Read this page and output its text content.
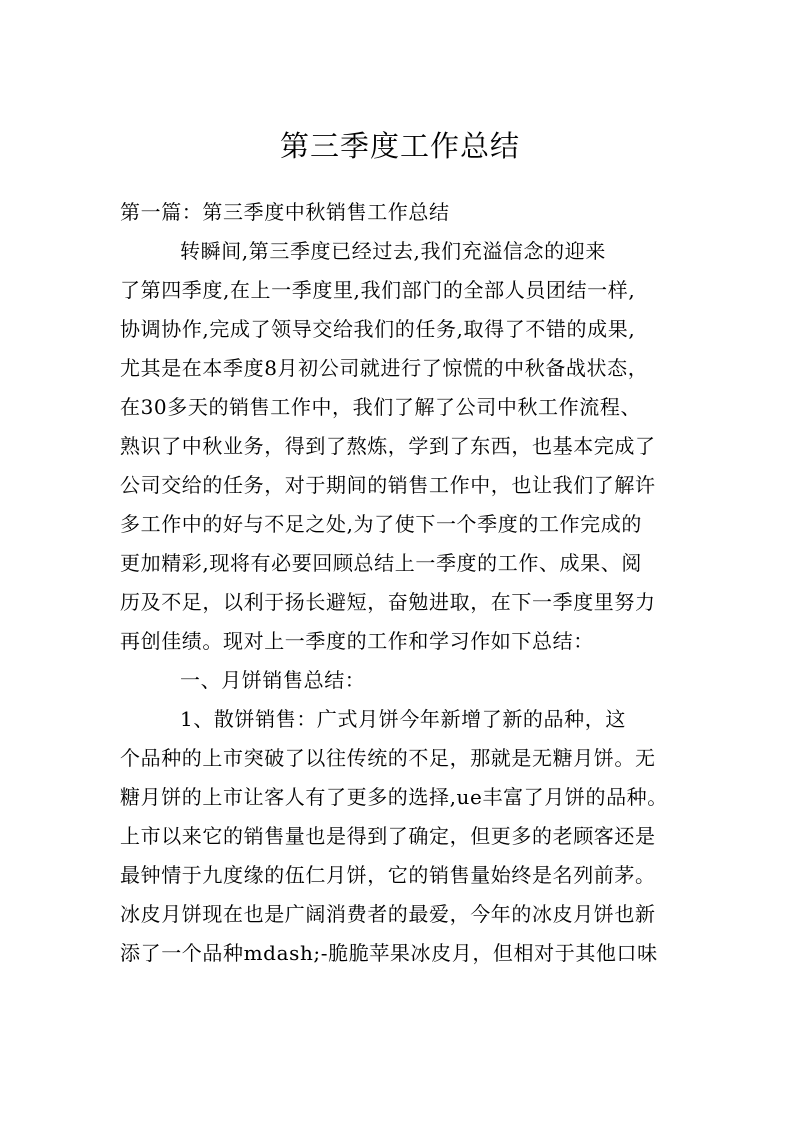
第三季度工作总结
第一篇：第三季度中秋销售工作总结
转瞬间,第三季度已经过去,我们充溢信念的迎来
了第四季度,在上一季度里,我们部门的全部人员团结一样,
协调协作,完成了领导交给我们的任务,取得了不错的成果,
尤其是在本季度8月初公司就进行了惊慌的中秋备战状态，
在30多天的销售工作中，我们了解了公司中秋工作流程、
熟识了中秋业务，得到了熬炼，学到了东西，也基本完成了
公司交给的任务，对于期间的销售工作中，也让我们了解许
多工作中的好与不足之处,为了使下一个季度的工作完成的
更加精彩,现将有必要回顾总结上一季度的工作、成果、阅
历及不足，以利于扬长避短，奋勉进取，在下一季度里努力
再创佳绩。现对上一季度的工作和学习作如下总结：
一、月饼销售总结：
1、散饼销售：广式月饼今年新增了新的品种，这
个品种的上市突破了以往传统的不足，那就是无糖月饼。无
糖月饼的上市让客人有了更多的选择,ue丰富了月饼的品种。
上市以来它的销售量也是得到了确定，但更多的老顾客还是
最钟情于九度缘的伍仁月饼，它的销售量始终是名列前茅。
冰皮月饼现在也是广阔消费者的最爱，今年的冰皮月饼也新
添了一个品种mdash;-脆脆苹果冰皮月，但相对于其他口味
